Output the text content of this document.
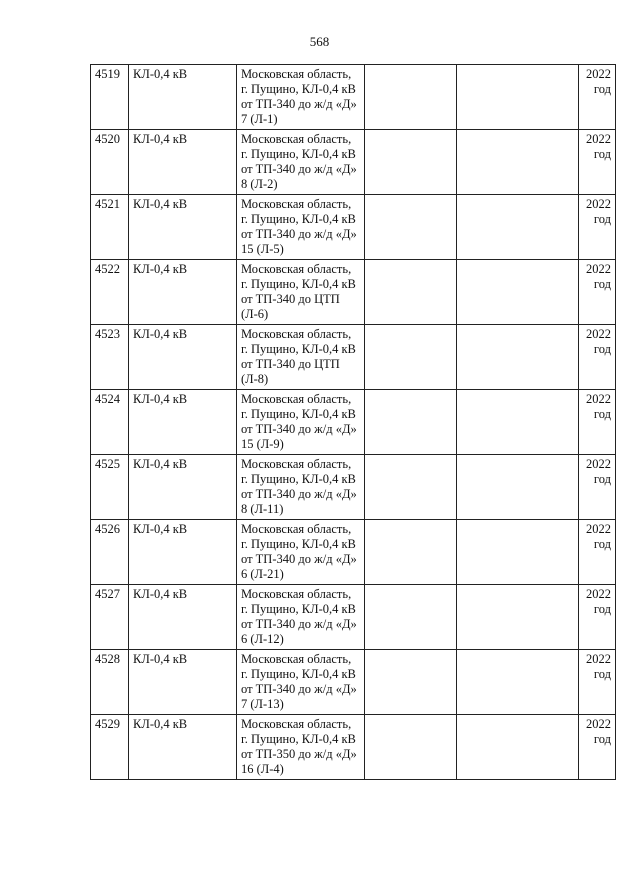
568
4519	КЛ-0,4 кВ	Московская область, г. Пущино, КЛ-0,4 кВ от ТП-340 до ж/д «Д» 7 (Л-1)			2022 год
4520	КЛ-0,4 кВ	Московская область, г. Пущино, КЛ-0,4 кВ от ТП-340 до ж/д «Д» 8 (Л-2)			2022 год
4521	КЛ-0,4 кВ	Московская область, г. Пущино, КЛ-0,4 кВ от ТП-340 до ж/д «Д» 15 (Л-5)			2022 год
4522	КЛ-0,4 кВ	Московская область, г. Пущино, КЛ-0,4 кВ от ТП-340 до ЦТП (Л-6)			2022 год
4523	КЛ-0,4 кВ	Московская область, г. Пущино, КЛ-0,4 кВ от ТП-340 до ЦТП (Л-8)			2022 год
4524	КЛ-0,4 кВ	Московская область, г. Пущино, КЛ-0,4 кВ от ТП-340 до ж/д «Д» 15 (Л-9)			2022 год
4525	КЛ-0,4 кВ	Московская область, г. Пущино, КЛ-0,4 кВ от ТП-340 до ж/д «Д» 8 (Л-11)			2022 год
4526	КЛ-0,4 кВ	Московская область, г. Пущино, КЛ-0,4 кВ от ТП-340 до ж/д «Д» 6 (Л-21)			2022 год
4527	КЛ-0,4 кВ	Московская область, г. Пущино, КЛ-0,4 кВ от ТП-340 до ж/д «Д» 6 (Л-12)			2022 год
4528	КЛ-0,4 кВ	Московская область, г. Пущино, КЛ-0,4 кВ от ТП-340 до ж/д «Д» 7 (Л-13)			2022 год
4529	КЛ-0,4 кВ	Московская область, г. Пущино, КЛ-0,4 кВ от ТП-350 до ж/д «Д» 16 (Л-4)			2022 год
